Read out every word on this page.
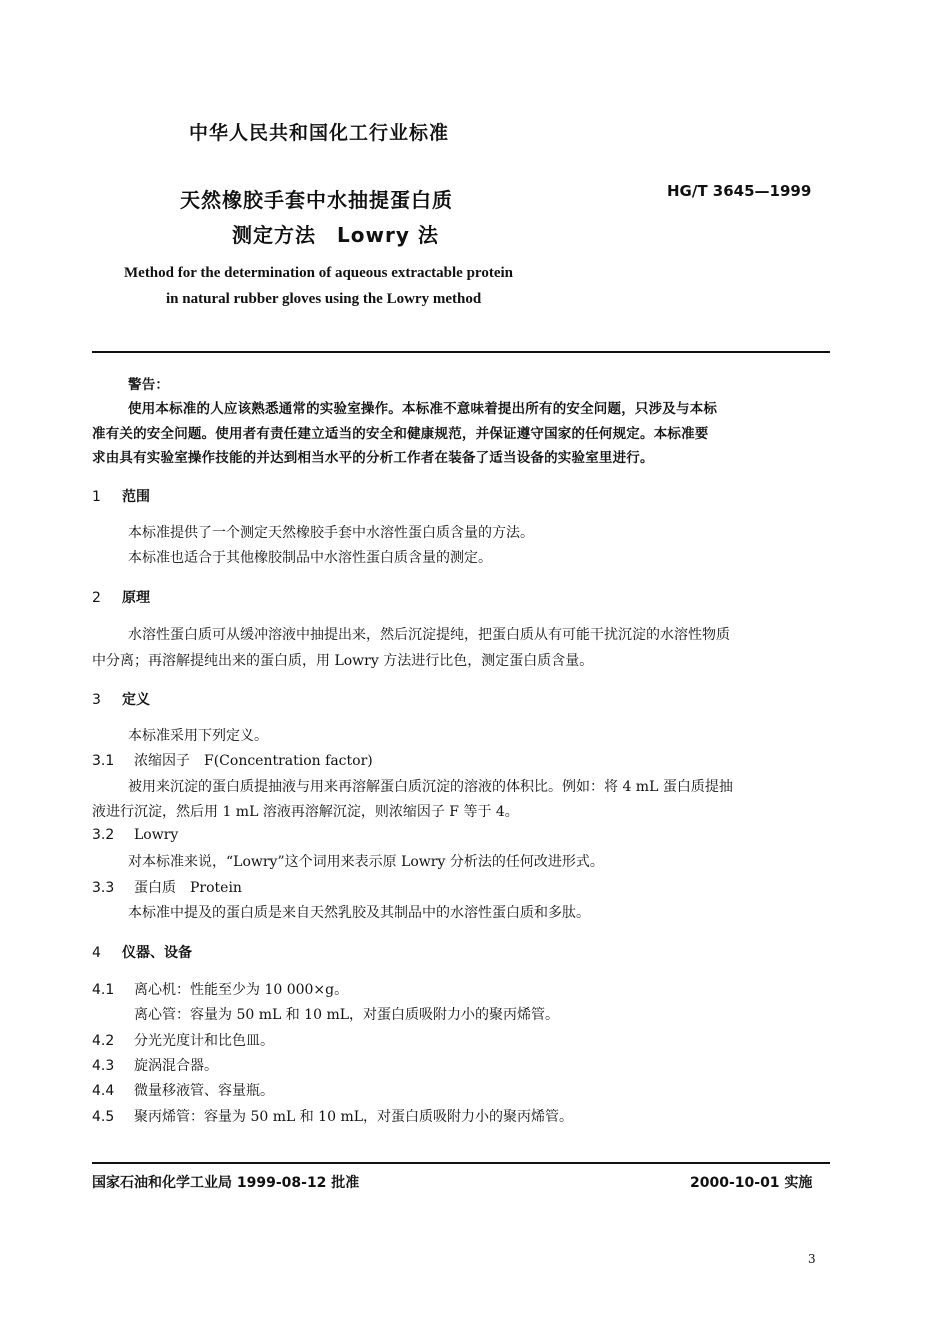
中华人民共和国化工行业标准
天然橡胶手套中水抽提蛋白质
测定方法　Lowry 法
HG/T 3645—1999
Method for the determination of aqueous extractable protein
in natural rubber gloves using the Lowry method
警告：
使用本标准的人应该熟悉通常的实验室操作。本标准不意味着提出所有的安全问题，只涉及与本标
准有关的安全问题。使用者有责任建立适当的安全和健康规范，并保证遵守国家的任何规定。本标准要
求由具有实验室操作技能的并达到相当水平的分析工作者在装备了适当设备的实验室里进行。
1 范围
本标准提供了一个测定天然橡胶手套中水溶性蛋白质含量的方法。
本标准也适合于其他橡胶制品中水溶性蛋白质含量的测定。
2 原理
水溶性蛋白质可从缓冲溶液中抽提出来，然后沉淀提纯，把蛋白质从有可能干扰沉淀的水溶性物质
中分离；再溶解提纯出来的蛋白质，用 Lowry 方法进行比色，测定蛋白质含量。
3 定义
本标准采用下列定义。
3.1 浓缩因子　F(Concentration factor)
被用来沉淀的蛋白质提抽液与用来再溶解蛋白质沉淀的溶液的体积比。例如：将 4 mL 蛋白质提抽
液进行沉淀，然后用 1 mL 溶液再溶解沉淀，则浓缩因子 F 等于 4。
3.2 Lowry
对本标准来说，“Lowry”这个词用来表示原 Lowry 分析法的任何改进形式。
3.3 蛋白质　Protein
本标准中提及的蛋白质是来自天然乳胶及其制品中的水溶性蛋白质和多肽。
4 仪器、设备
4.1 离心机：性能至少为 10 000×g。
离心管：容量为 50 mL 和 10 mL，对蛋白质吸附力小的聚丙烯管。
4.2 分光光度计和比色皿。
4.3 旋涡混合器。
4.4 微量移液管、容量瓶。
4.5 聚丙烯管：容量为 50 mL 和 10 mL，对蛋白质吸附力小的聚丙烯管。
国家石油和化学工业局 1999-08-12 批准	2000-10-01 实施
3
